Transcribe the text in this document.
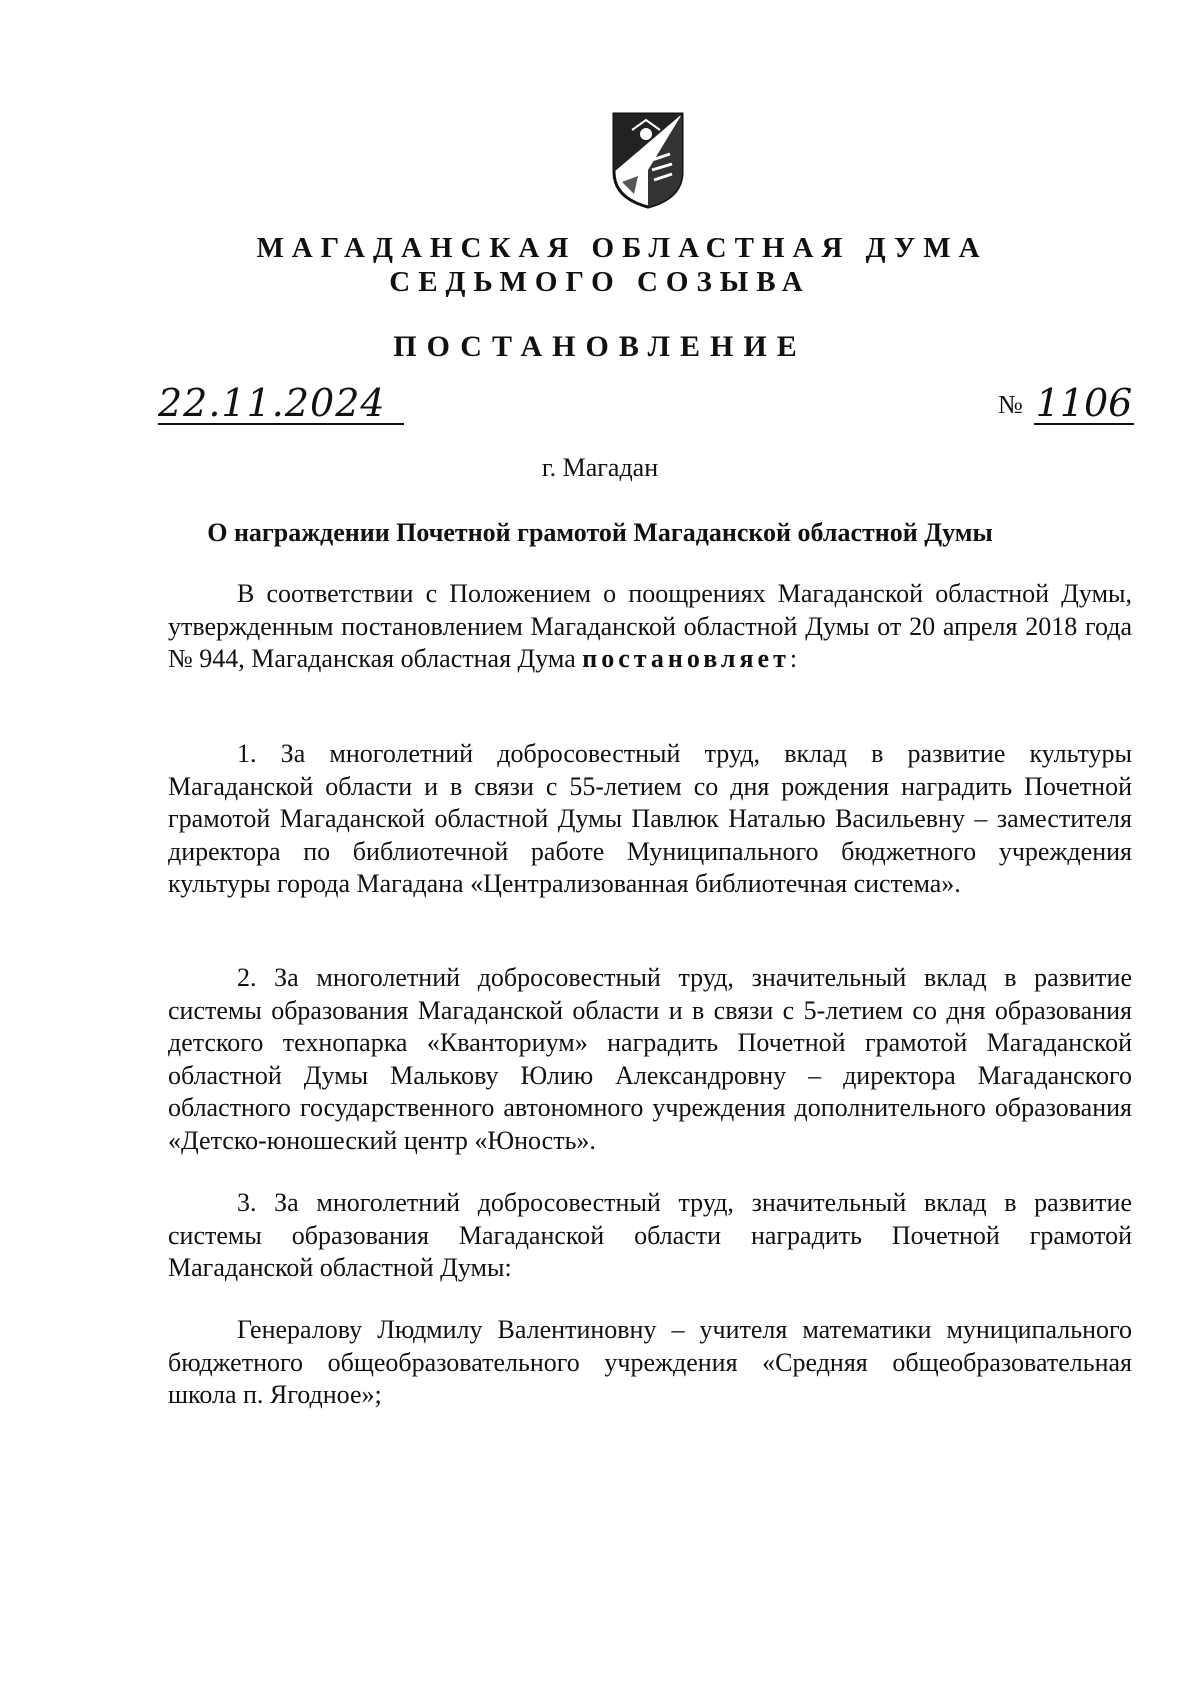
МАГАДАНСКАЯ ОБЛАСТНАЯ ДУМА
СЕДЬМОГО СОЗЫВА
ПОСТАНОВЛЕНИЕ
22.11.2024	№ 1106
г. Магадан
О награждении Почетной грамотой Магаданской областной Думы

В соответствии с Положением о поощрениях Магаданской областной Думы, утвержденным постановлением Магаданской областной Думы от 20 апреля 2018 года № 944, Магаданская областная Дума постановляет:

1. За многолетний добросовестный труд, вклад в развитие культуры Магаданской области и в связи с 55-летием со дня рождения наградить Почетной грамотой Магаданской областной Думы Павлюк Наталью Васильевну – заместителя директора по библиотечной работе Муниципального бюджетного учреждения культуры города Магадана «Централизованная библиотечная система».

2. За многолетний добросовестный труд, значительный вклад в развитие системы образования Магаданской области и в связи с 5-летием со дня образования детского технопарка «Кванториум» наградить Почетной грамотой Магаданской областной Думы Малькову Юлию Александровну – директора Магаданского областного государственного автономного учреждения дополнительного образования «Детско-юношеский центр «Юность».

3. За многолетний добросовестный труд, значительный вклад в развитие системы образования Магаданской области наградить Почетной грамотой Магаданской областной Думы:

Генералову Людмилу Валентиновну – учителя математики муниципального бюджетного общеобразовательного учреждения «Средняя общеобразовательная школа п. Ягодное»;
